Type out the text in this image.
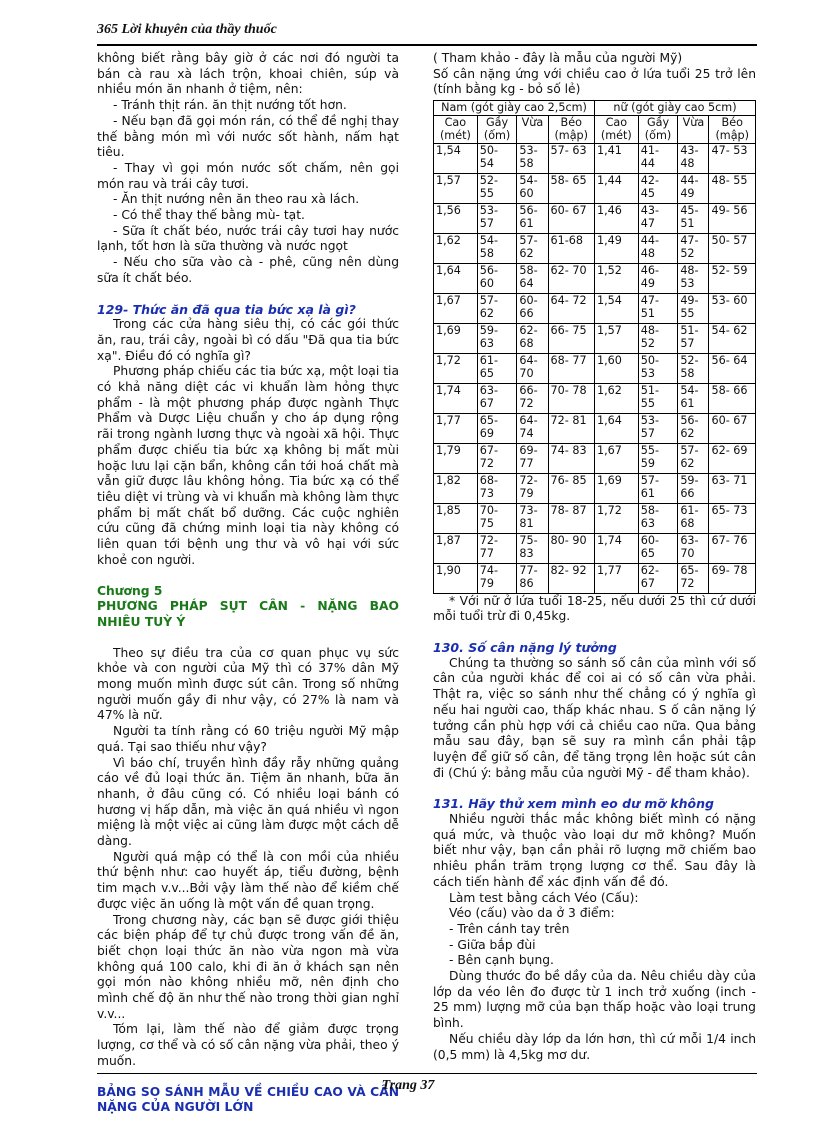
365 Lời khuyên của thầy thuốc

không biết rằng bây giờ ở các nơi đó người ta bán cà rau xà lách trộn, khoai chiên, súp và nhiều món ăn nhanh ở tiệm, nên:

- Tránh thịt rán. ăn thịt nướng tốt hơn.

- Nếu bạn đã gọi món rán, có thể đề nghị thay thế bằng món mì với nước sốt hành, nấm hạt tiêu.

- Thay vì gọi món nước sốt chấm, nên gọi món rau và trái cây tươi.

- Ăn thịt nướng nên ăn theo rau xà lách.

- Có thể thay thế bằng mù- tạt.

- Sữa ít chất béo, nước trái cây tươi hay nước lạnh, tốt hơn là sữa thường và nước ngọt

- Nếu cho sữa vào cà - phê, cũng nên dùng sữa ít chất béo.

129- Thức ăn đã qua tia bức xạ là gì?

Trong các cửa hàng siêu thị, có các gói thức ăn, rau, trái cây, ngoài bì có dấu "Đã qua tia bức xạ". Điều đó có nghĩa gì?

Phương pháp chiếu các tia bức xạ, một loại tia có khả năng diệt các vi khuẩn làm hỏng thực phẩm - là một phương pháp được ngành Thực Phẩm và Dược Liệu chuẩn y cho áp dụng rộng rãi trong ngành lương thực và ngoài xã hội. Thực phẩm được chiếu tia bức xạ không bị mất mùi hoặc lưu lại cặn bẩn, không cần tới hoá chất mà vẫn giữ được lâu không hỏng. Tia bức xạ có thể tiêu diệt vi trùng và vi khuẩn mà không làm thực phẩm bị mất chất bổ dưỡng. Các cuộc nghiên cứu cũng đã chứng minh loại tia này không có liên quan tới bệnh ung thư và vô hại với sức khoẻ con người.

Chương 5

PHƯƠNG PHÁP SỤT CÂN - NẶNG BAO NHIÊU TUỲ Ý

Theo sự điều tra của cơ quan phục vụ sức khỏe và con người của Mỹ thì có 37% dân Mỹ mong muốn mình được sút cân. Trong số những người muốn gầy đi như vậy, có 27% là nam và 47% là nữ.

Người ta tính rằng có 60 triệu người Mỹ mập quá. Tại sao thiếu như vậy?

Vì báo chí, truyền hình đầy rẫy những quảng cáo về đủ loại thức ăn. Tiệm ăn nhanh, bữa ăn nhanh, ở đâu cũng có. Có nhiều loại bánh có hương vị hấp dẫn, mà việc ăn quá nhiều vì ngon miệng là một việc ai cũng làm được một cách dễ dàng.

Người quá mập có thể là con mồi của nhiều thứ bệnh như: cao huyết áp, tiểu đường, bệnh tim mạch v.v...Bởi vậy làm thế nào để kiềm chế được việc ăn uống là một vấn đề quan trọng.

Trong chương này, các bạn sẽ được giới thiệu các biện pháp để tự chủ được trong vấn đề ăn, biết chọn loại thức ăn nào vừa ngon mà vừa không quá 100 calo, khi đi ăn ở khách sạn nên gọi món nào không nhiều mỡ, nên định cho mình chế độ ăn như thế nào trong thời gian nghỉ v.v...

Tóm lại, làm thế nào để giảm được trọng lượng, cơ thể và có số cân nặng vừa phải, theo ý muốn.

BẢNG SO SÁNH MẪU VỀ CHIỀU CAO VÀ CÂN NẶNG CỦA NGƯỜI LỚN

( Tham khảo - đây là mẫu của người Mỹ)

Số cân nặng ứng với chiều cao ở lứa tuổi 25 trở lên (tính bằng kg - bỏ số lẻ)

Nam (gót giày cao 2,5cm)				nữ (gót giày cao 5cm)			
Cao (mét)	Gầy (ốm)	Vừa	Béo (mập)	Cao (mét)	Gầy (ốm)	Vừa	Béo (mập)
1,54	50- 54	53- 58	57- 63	1,41	41- 44	43- 48	47- 53
1,57	52- 55	54- 60	58- 65	1,44	42- 45	44- 49	48- 55
1,56	53- 57	56- 61	60- 67	1,46	43- 47	45- 51	49- 56
1,62	54- 58	57- 62	61-68	1,49	44- 48	47- 52	50- 57
1,64	56- 60	58- 64	62- 70	1,52	46- 49	48- 53	52- 59
1,67	57- 62	60- 66	64- 72	1,54	47- 51	49- 55	53- 60
1,69	59- 63	62- 68	66- 75	1,57	48- 52	51- 57	54- 62
1,72	61- 65	64- 70	68- 77	1,60	50- 53	52- 58	56- 64
1,74	63- 67	66- 72	70- 78	1,62	51- 55	54- 61	58- 66
1,77	65- 69	64- 74	72- 81	1,64	53- 57	56- 62	60- 67
1,79	67- 72	69- 77	74- 83	1,67	55- 59	57- 62	62- 69
1,82	68- 73	72- 79	76- 85	1,69	57- 61	59- 66	63- 71
1,85	70- 75	73- 81	78- 87	1,72	58- 63	61- 68	65- 73
1,87	72- 77	75- 83	80- 90	1,74	60- 65	63- 70	67- 76
1,90	74- 79	77- 86	82- 92	1,77	62- 67	65- 72	69- 78

* Với nữ ở lứa tuổi 18-25, nếu dưới 25 thì cứ dưới mỗi tuổi trừ đi 0,45kg.

130. Số cân nặng lý tưởng

Chúng ta thường so sánh số cân của mình với số cân của người khác để coi ai có số cân vừa phải. Thật ra, việc so sánh như thế chẳng có ý nghĩa gì nếu hai người cao, thấp khác nhau. S ố cân nặng lý tưởng cần phù hợp với cả chiều cao nữa. Qua bảng mẫu sau đây, bạn sẽ suy ra mình cần phải tập luyện để giữ số cân, để tăng trọng lên hoặc sút cân đi (Chú ý: bảng mẫu của người Mỹ - để tham khảo).

131. Hãy thử xem mình eo dư mỡ không

Nhiều người thắc mắc không biết mình có nặng quá mức, và thuộc vào loại dư mỡ không? Muốn biết như vậy, bạn cần phải rõ lượng mỡ chiếm bao nhiêu phần trăm trọng lượng cơ thể. Sau đây là cách tiến hành để xác định vấn đề đó.

Làm test bằng cách Véo (Cấu):

Véo (cấu) vào da ở 3 điểm:

- Trên cánh tay trên

- Giữa bắp đùi

- Bên cạnh bụng.

Dùng thước đo bề dầy của da. Nêu chiều dày của lớp da véo lên đo được từ 1 inch trở xuống (inch - 25 mm) lượng mỡ của bạn thấp hoặc vào loại trung bình.

Nếu chiều dày lớp da lớn hơn, thì cứ mỗi 1/4 inch (0,5 mm) là 4,5kg mơ dư.

Trang 37
